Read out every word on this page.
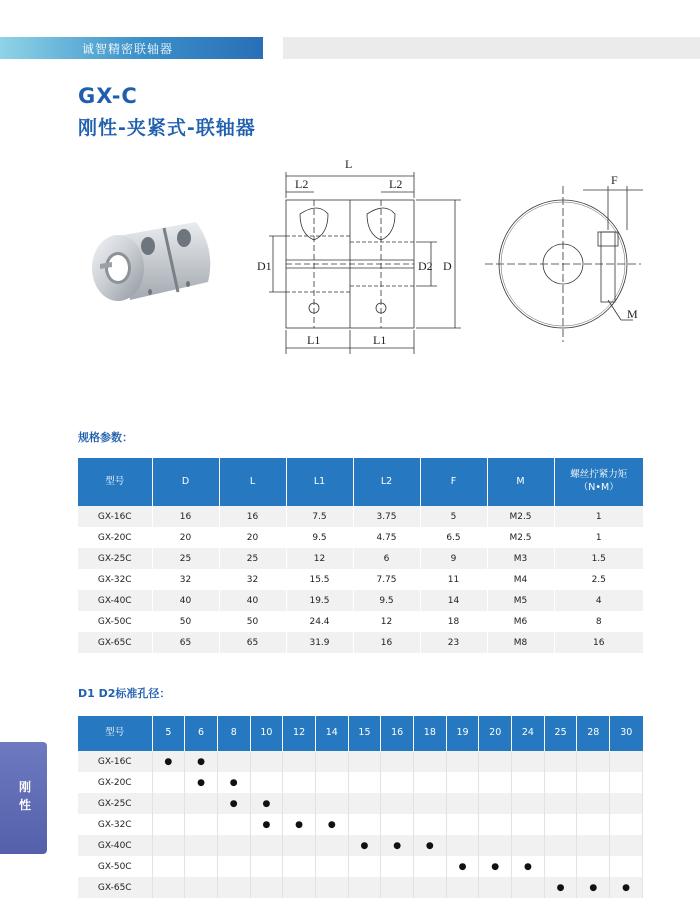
诚智精密联轴器
GX-C
刚性-夹紧式-联轴器
L
L2	L2
L1	L1
D1	D2 D
F
M
规格参数：
型号	D	L	L1	L2	F	M	螺丝拧紧力矩
（N•M）
GX-16C	16	16	7.5	3.75	5	M2.5	1
GX-20C	20	20	9.5	4.75	6.5	M2.5	1
GX-25C	25	25	12	6	9	M3	1.5
GX-32C	32	32	15.5	7.75	11	M4	2.5
GX-40C	40	40	19.5	9.5	14	M5	4
GX-50C	50	50	24.4	12	18	M6	8
GX-65C	65	65	31.9	16	23	M8	16
D1 D2标准孔径：
型号	5	6	8	10	12	14	15	16	18	19	20	24	25	28	30
GX-16C	●	●													
GX-20C		●	●												
GX-25C			●	●											
GX-32C				●	●	●									
GX-40C							●	●	●						
GX-50C										●	●	●			
GX-65C													●	●	●
刚性
